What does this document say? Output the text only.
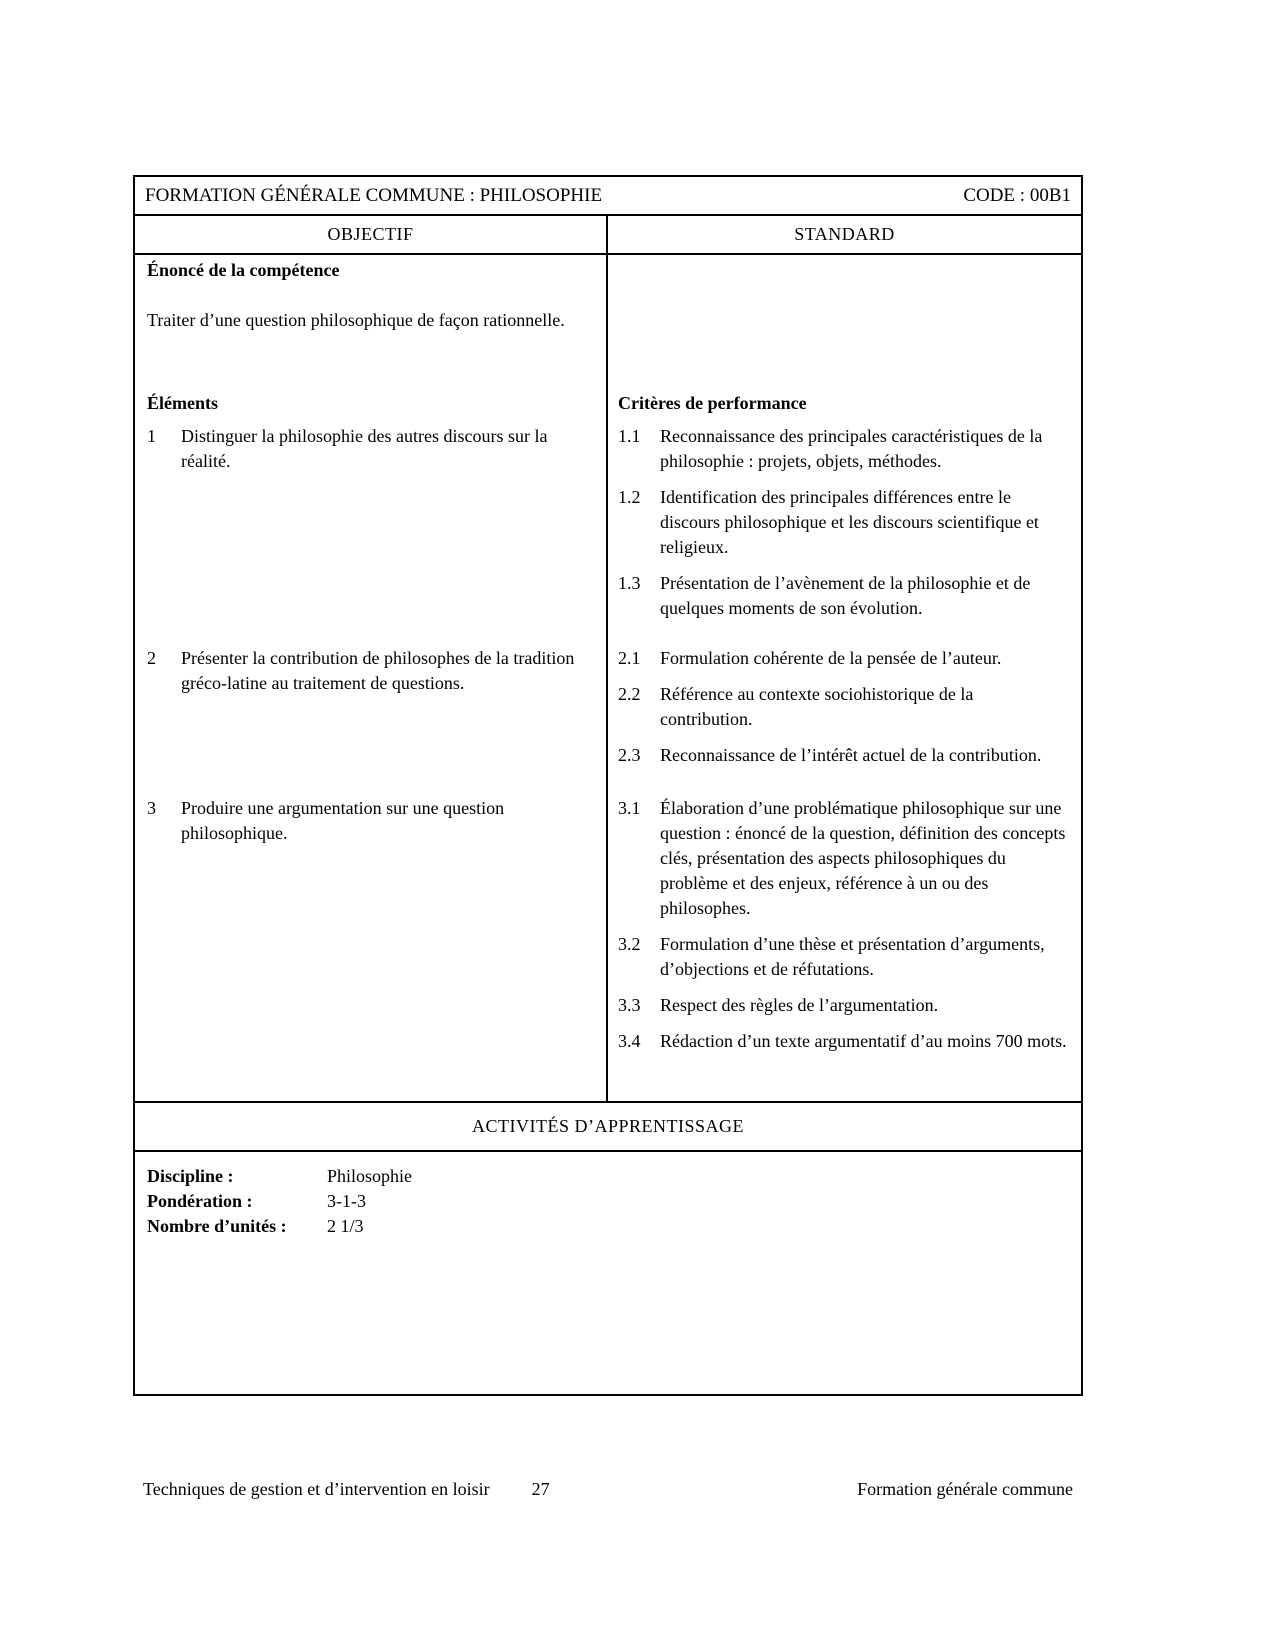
FORMATION GÉNÉRALE COMMUNE : PHILOSOPHIE	CODE : 00B1
OBJECTIF	STANDARD

Énoncé de la compétence

Traiter d’une question philosophique de façon rationnelle.

Éléments	Critères de performance

1	Distinguer la philosophie des autres discours sur la réalité.
1.1	Reconnaissance des principales caractéristiques de la philosophie : projets, objets, méthodes.
1.2	Identification des principales différences entre le discours philosophique et les discours scientifique et religieux.
1.3	Présentation de l’avènement de la philosophie et de quelques moments de son évolution.
2	Présenter la contribution de philosophes de la tradition gréco-latine au traitement de questions.
2.1	Formulation cohérente de la pensée de l’auteur.
2.2	Référence au contexte sociohistorique de la contribution.
2.3	Reconnaissance de l’intérêt actuel de la contribution.
3	Produire une argumentation sur une question philosophique.
3.1	Élaboration d’une problématique philosophique sur une question : énoncé de la question, définition des concepts clés, présentation des aspects philosophiques du problème et des enjeux, référence à un ou des philosophes.
3.2	Formulation d’une thèse et présentation d’arguments, d’objections et de réfutations.
3.3	Respect des règles de l’argumentation.
3.4	Rédaction d’un texte argumentatif d’au moins 700 mots.
ACTIVITÉS D’APPRENTISSAGE
Discipline :	Philosophie
Pondération :	3-1-3
Nombre d’unités :	2 1/3
Techniques de gestion et d’intervention en loisir 27	Formation générale commune
